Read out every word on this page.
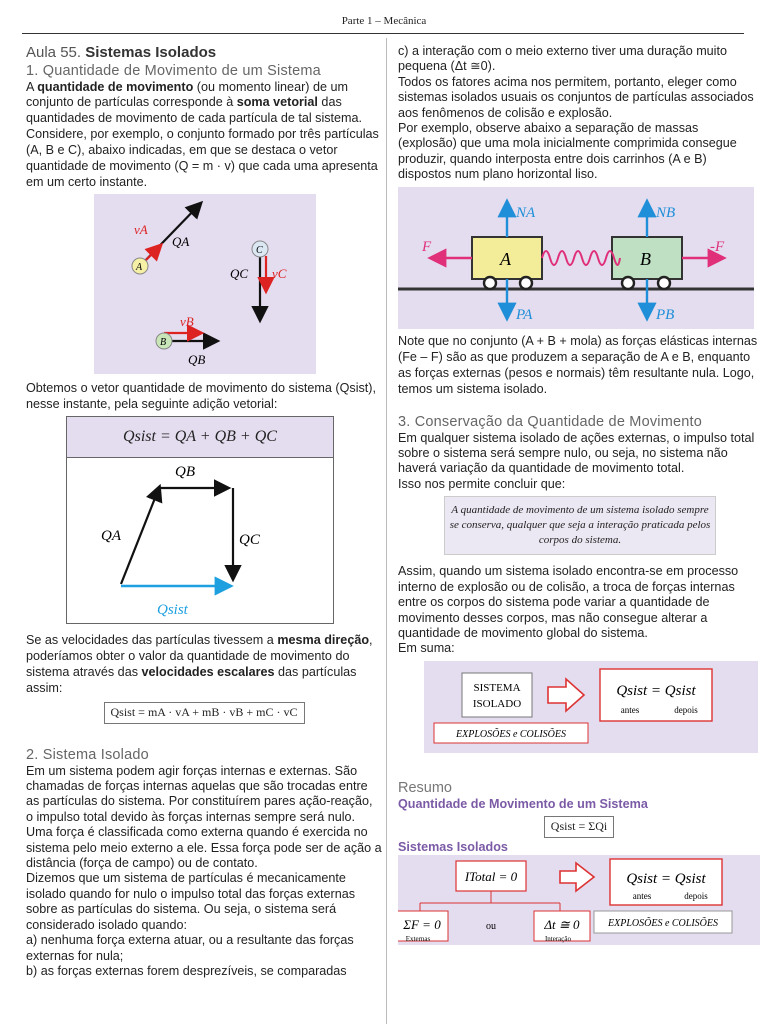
Parte 1 – Mecânica

Aula 55. Sistemas Isolados

1. Quantidade de Movimento de um Sistema

A quantidade de movimento (ou momento linear) de um conjunto de partículas corresponde à soma vetorial das quantidades de movimento de cada partícula de tal sistema.

Considere, por exemplo, o conjunto formado por três partículas (A, B e C), abaixo indicadas, em que se destaca o vetor quantidade de movimento (Q = m · v) que cada uma apresenta em um certo instante.

A
vA
QA
C
QC vC
B
vB
QB

Obtemos o vetor quantidade de movimento do sistema (Qsist), nesse instante, pela seguinte adição vetorial:

Qsist = QA + QB + QC
QB
QA	QC
Qsist

Se as velocidades das partículas tivessem a mesma direção, poderíamos obter o valor da quantidade de movimento do sistema através das velocidades escalares das partículas assim:

Qsist = mA · vA + mB · vB + mC · vC

2. Sistema Isolado

Em um sistema podem agir forças internas e externas. São chamadas de forças internas aquelas que são trocadas entre as partículas do sistema. Por constituírem pares ação-reação, o impulso total devido às forças internas sempre será nulo.

Uma força é classificada como externa quando é exercida no sistema pelo meio externo a ele. Essa força pode ser de ação a distância (força de campo) ou de contato.

Dizemos que um sistema de partículas é mecanicamente isolado quando for nulo o impulso total das forças externas sobre as partículas do sistema. Ou seja, o sistema será considerado isolado quando:

a) nenhuma força externa atuar, ou a resultante das forças externas for nula;

b) as forças externas forem desprezíveis, se comparadas

c) a interação com o meio externo tiver uma duração muito pequena (Δt ≅0).

Todos os fatores acima nos permitem, portanto, eleger como sistemas isolados usuais os conjuntos de partículas associados aos fenômenos de colisão e explosão.

Por exemplo, observe abaixo a separação de massas (explosão) que uma mola inicialmente comprimida consegue produzir, quando interposta entre dois carrinhos (A e B) dispostos num plano horizontal liso.

NA	NB
F
A	B
-F
PA	PB

Note que no conjunto (A + B + mola) as forças elásticas internas (Fe – F) são as que produzem a separação de A e B, enquanto as forças externas (pesos e normais) têm resultante nula. Logo, temos um sistema isolado.

3. Conservação da Quantidade de Movimento

Em qualquer sistema isolado de ações externas, o impulso total sobre o sistema será sempre nulo, ou seja, no sistema não haverá variação da quantidade de movimento total.

Isso nos permite concluir que:

A quantidade de movimento de um sistema isolado sempre se conserva, qualquer que seja a interação praticada pelos corpos do sistema.

Assim, quando um sistema isolado encontra-se em processo interno de explosão ou de colisão, a troca de forças internas entre os corpos do sistema pode variar a quantidade de movimento desses corpos, mas não consegue alterar a quantidade de movimento global do sistema.

Em suma:

SISTEMA
ISOLADO
Qsist = Qsist
antes	depois
EXPLOSÕES e COLISÕES

Resumo

Quantidade de Movimento de um Sistema

Qsist = ΣQi

Sistemas Isolados

ITotal = 0
ΣF = 0
Externas
ou	Δt ≅ 0
Interação
Qsist = Qsist
antes	depois
EXPLOSÕES e COLISÕES
